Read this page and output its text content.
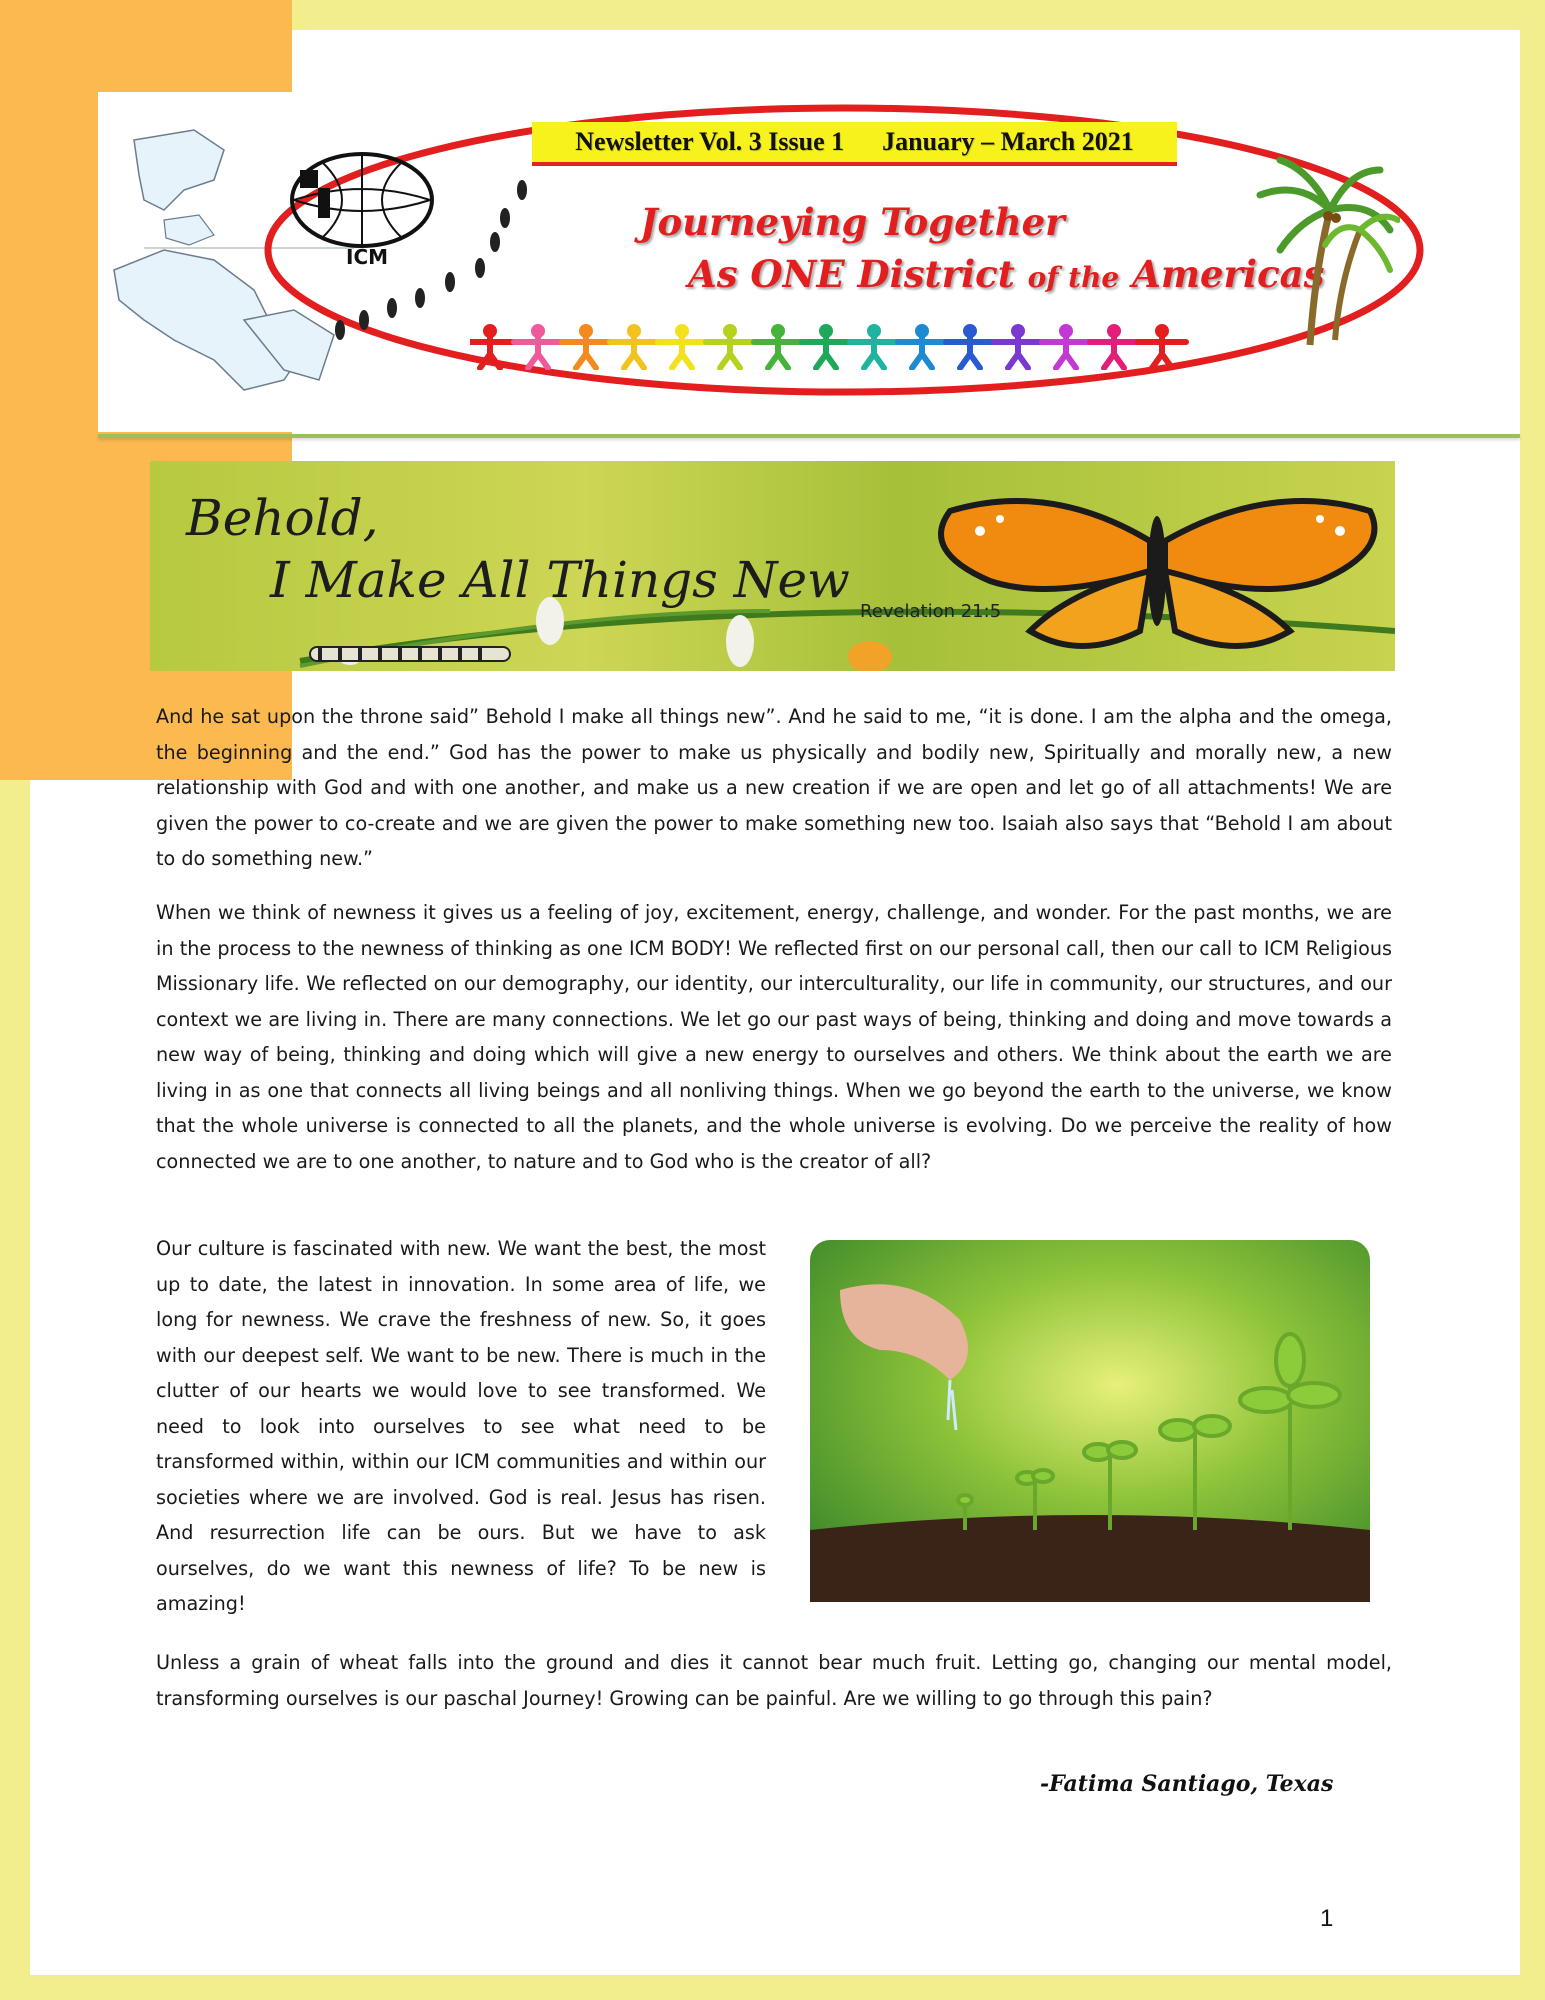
ICM
Newsletter Vol. 3 Issue 1 January – March 2021
Journeying Together
As ONE District of the Americas
Behold,
I Make All Things New
Revelation 21:5

And he sat upon the throne said” Behold I make all things new”. And he said to me, “it is done. I am the alpha and the omega, the beginning and the end.” God has the power to make us physically and bodily new, Spiritually and morally new, a new relationship with God and with one another, and make us a new creation if we are open and let go of all attachments! We are given the power to co-create and we are given the power to make something new too. Isaiah also says that “Behold I am about to do something new.”

When we think of newness it gives us a feeling of joy, excitement, energy, challenge, and wonder. For the past months, we are in the process to the newness of thinking as one ICM BODY! We reflected first on our personal call, then our call to ICM Religious Missionary life. We reflected on our demography, our identity, our interculturality, our life in community, our structures, and our context we are living in. There are many connections. We let go our past ways of being, thinking and doing and move towards a new way of being, thinking and doing which will give a new energy to ourselves and others. We think about the earth we are living in as one that connects all living beings and all nonliving things. When we go beyond the earth to the universe, we know that the whole universe is connected to all the planets, and the whole universe is evolving. Do we perceive the reality of how connected we are to one another, to nature and to God who is the creator of all?

Our culture is fascinated with new. We want the best, the most up to date, the latest in innovation. In some area of life, we long for newness. We crave the freshness of new. So, it goes with our deepest self. We want to be new. There is much in the clutter of our hearts we would love to see transformed. We need to look into ourselves to see what need to be transformed within, within our ICM communities and within our societies where we are involved. God is real. Jesus has risen. And resurrection life can be ours. But we have to ask ourselves, do we want this newness of life? To be new is amazing!

Unless a grain of wheat falls into the ground and dies it cannot bear much fruit. Letting go, changing our mental model, transforming ourselves is our paschal Journey! Growing can be painful. Are we willing to go through this pain?

-Fatima Santiago, Texas
1
